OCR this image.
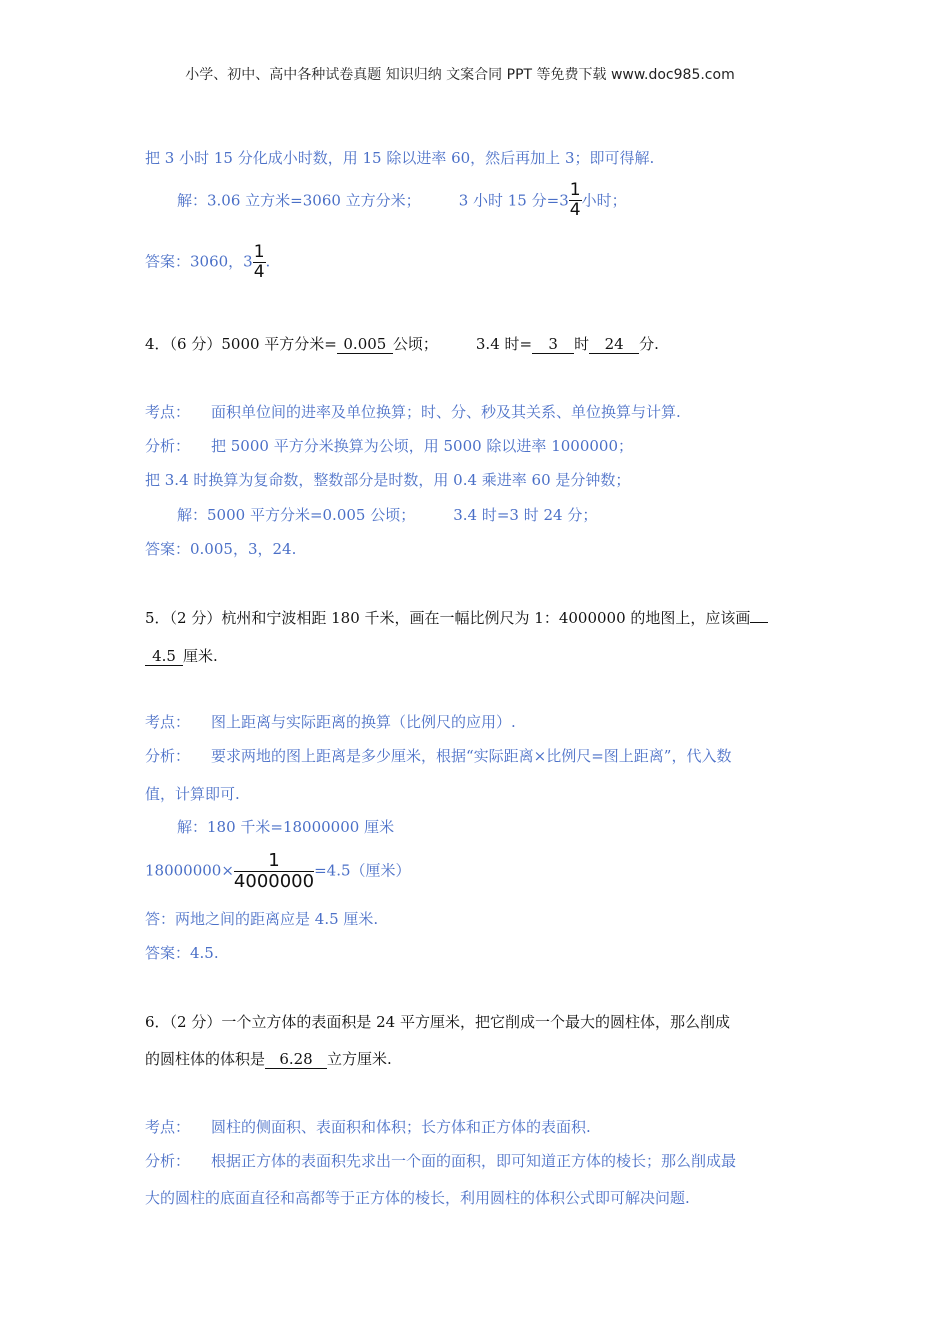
小学、初中、高中各种试卷真题 知识归纳 文案合同 PPT 等免费下载 www.doc985.com
把 3 小时 15 分化成小时数，用 15 除以进率 60，然后再加上 3；即可得解.
解：3.06 立方米=3060 立方分米；	3 小时 15 分$=3 \frac{1}{4}$ 小时；
答案：3060，$3 \frac{1}{4}$ .
4．（6 分）5000 平方分米= 0.005 公顷；	3.4 时= 3 时 24 分.
考点： 面积单位间的进率及单位换算；时、分、秒及其关系、单位换算与计算.
分析： 把 5000 平方分米换算为公顷，用 5000 除以进率 1000000；
把 3.4 时换算为复命数，整数部分是时数，用 0.4 乘进率 60 是分钟数；
解：5000 平方分米=0.005 公顷；	3.4 时=3 时 24 分；
答案：0.005，3，24.
5．（2 分）杭州和宁波相距 180 千米，画在一幅比例尺为 1：4000000 的地图上，应该画
4.5 厘米.
考点： 图上距离与实际距离的换算（比例尺的应用）.
分析： 要求两地的图上距离是多少厘米，根据“实际距离×比例尺=图上距离”，代入数
值，计算即可.
解：180 千米=18000000 厘米
$18000000\times \frac{1}{4000000} =4.5$（厘米）
答：两地之间的距离应是 4.5 厘米.
答案：4.5.
6．（2 分）一个立方体的表面积是 24 平方厘米，把它削成一个最大的圆柱体，那么削成
的圆柱体的体积是 6.28 立方厘米.
考点： 圆柱的侧面积、表面积和体积；长方体和正方体的表面积.
分析： 根据正方体的表面积先求出一个面的面积，即可知道正方体的棱长；那么削成最
大的圆柱的底面直径和高都等于正方体的棱长，利用圆柱的体积公式即可解决问题.
